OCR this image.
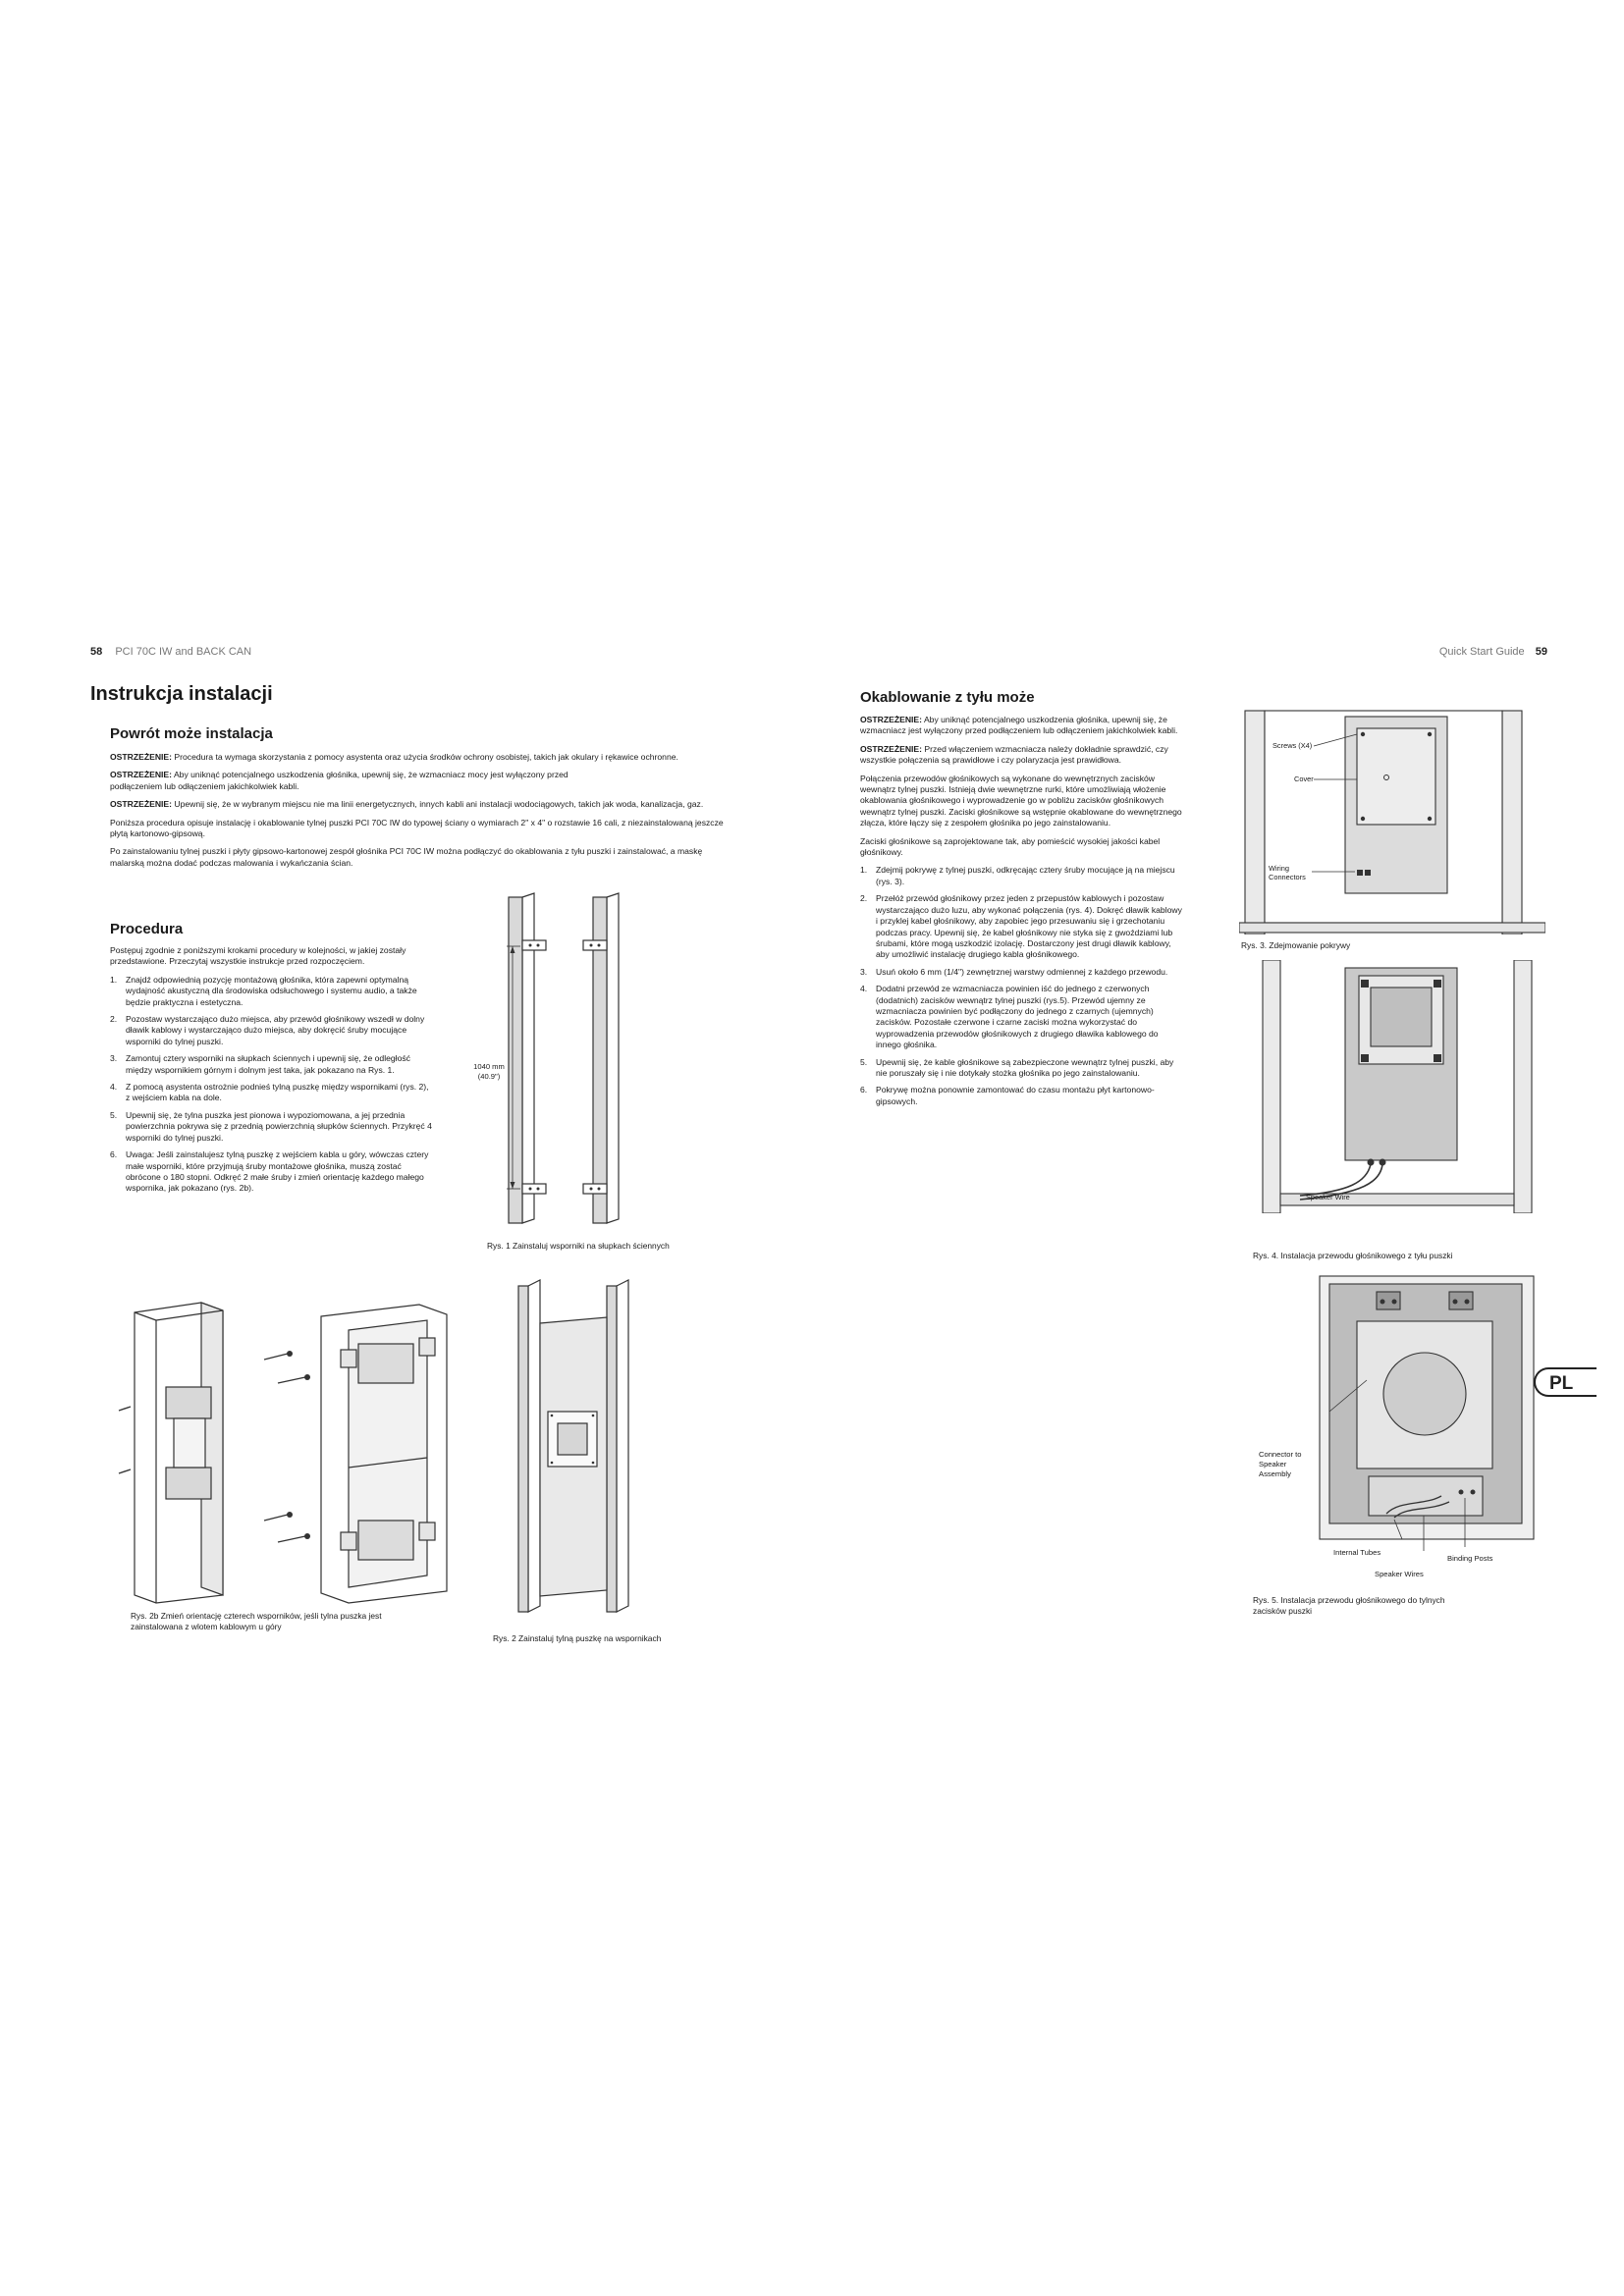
58 PCI 70C IW and BACK CAN	Quick Start Guide 59
Instrukcja instalacji
Powrót może instalacja

OSTRZEŻENIE: Procedura ta wymaga skorzystania z pomocy asystenta oraz użycia środków ochrony osobistej, takich jak okulary i rękawice ochronne.

OSTRZEŻENIE: Aby uniknąć potencjalnego uszkodzenia głośnika, upewnij się, że wzmacniacz mocy jest wyłączony przed podłączeniem lub odłączeniem jakichkolwiek kabli.

OSTRZEŻENIE: Upewnij się, że w wybranym miejscu nie ma linii energetycznych, innych kabli ani instalacji wodociągowych, takich jak woda, kanalizacja, gaz.

Poniższa procedura opisuje instalację i okablowanie tylnej puszki PCI 70C IW do typowej ściany o wymiarach 2" x 4" o rozstawie 16 cali, z niezainstalowaną jeszcze płytą kartonowo-gipsową.

Po zainstalowaniu tylnej puszki i płyty gipsowo-kartonowej zespół głośnika PCI 70C IW można podłączyć do okablowania z tyłu puszki i zainstalować, a maskę malarską można dodać podczas malowania i wykańczania ścian.

Procedura

Postępuj zgodnie z poniższymi krokami procedury w kolejności, w jakiej zostały przedstawione. Przeczytaj wszystkie instrukcje przed rozpoczęciem.

1. Znajdź odpowiednią pozycję montażową głośnika, która zapewni optymalną wydajność akustyczną dla środowiska odsłuchowego i systemu audio, a także będzie praktyczna i estetyczna.
2. Pozostaw wystarczająco dużo miejsca, aby przewód głośnikowy wszedł w dolny dławik kablowy i wystarczająco dużo miejsca, aby dokręcić śruby mocujące wsporniki do tylnej puszki.
3. Zamontuj cztery wsporniki na słupkach ściennych i upewnij się, że odległość między wspornikiem górnym i dolnym jest taka, jak pokazano na Rys. 1.
4. Z pomocą asystenta ostrożnie podnieś tylną puszkę między wspornikami (rys. 2), z wejściem kabla na dole.
5. Upewnij się, że tylna puszka jest pionowa i wypoziomowana, a jej przednia powierzchnia pokrywa się z przednią powierzchnią słupków ściennych. Przykręć 4 wsporniki do tylnej puszki.
6. Uwaga: Jeśli zainstalujesz tylną puszkę z wejściem kabla u góry, wówczas cztery małe wsporniki, które przyjmują śruby montażowe głośnika, muszą zostać obrócone o 180 stopni. Odkręć 2 małe śruby i zmień orientację każdego małego wspornika, jak pokazano (rys. 2b).
1040 mm
(40.9")
Rys. 1 Zainstaluj wsporniki na słupkach ściennych
Rys. 2b Zmień orientację czterech wsporników, jeśli tylna puszka jest zainstalowana z wlotem kablowym u góry
Rys. 2 Zainstaluj tylną puszkę na wspornikach
Okablowanie z tyłu może

OSTRZEŻENIE: Aby uniknąć potencjalnego uszkodzenia głośnika, upewnij się, że wzmacniacz jest wyłączony przed podłączeniem lub odłączeniem jakichkolwiek kabli.

OSTRZEŻENIE: Przed włączeniem wzmacniacza należy dokładnie sprawdzić, czy wszystkie połączenia są prawidłowe i czy polaryzacja jest prawidłowa.

Połączenia przewodów głośnikowych są wykonane do wewnętrznych zacisków wewnątrz tylnej puszki. Istnieją dwie wewnętrzne rurki, które umożliwiają włożenie okablowania głośnikowego i wyprowadzenie go w pobliżu zacisków głośnikowych wewnątrz tylnej puszki. Zaciski głośnikowe są wstępnie okablowane do wewnętrznego złącza, które łączy się z zespołem głośnika po jego zainstalowaniu.

Zaciski głośnikowe są zaprojektowane tak, aby pomieścić wysokiej jakości kabel głośnikowy.

1. Zdejmij pokrywę z tylnej puszki, odkręcając cztery śruby mocujące ją na miejscu (rys. 3).
2. Przełóż przewód głośnikowy przez jeden z przepustów kablowych i pozostaw wystarczająco dużo luzu, aby wykonać połączenia (rys. 4). Dokręć dławik kablowy i przyklej kabel głośnikowy, aby zapobiec jego przesuwaniu się i grzechotaniu podczas pracy. Upewnij się, że kabel głośnikowy nie styka się z gwoździami lub śrubami, które mogą uszkodzić izolację. Dostarczony jest drugi dławik kablowy, aby umożliwić instalację drugiego kabla głośnikowego.
3. Usuń około 6 mm (1/4") zewnętrznej warstwy odmiennej z każdego przewodu.
4. Dodatni przewód ze wzmacniacza powinien iść do jednego z czerwonych (dodatnich) zacisków wewnątrz tylnej puszki (rys.5). Przewód ujemny ze wzmacniacza powinien być podłączony do jednego z czarnych (ujemnych) zacisków. Pozostałe czerwone i czarne zaciski można wykorzystać do wyprowadzenia przewodów głośnikowych z drugiego dławika kablowego do innego głośnika.
5. Upewnij się, że kable głośnikowe są zabezpieczone wewnątrz tylnej puszki, aby nie poruszały się i nie dotykały stożka głośnika po jego zainstalowaniu.
6. Pokrywę można ponownie zamontować do czasu montażu płyt kartonowo-gipsowych.
Screws (X4)
Cover
Wiring
Connectors
Rys. 3. Zdejmowanie pokrywy
Speaker Wire
Rys. 4. Instalacja przewodu głośnikowego z tyłu puszki
Connector to
Speaker
Assembly
Internal Tubes
Binding Posts
Speaker Wires
Rys. 5. Instalacja przewodu głośnikowego do tylnych zacisków puszki
PL
